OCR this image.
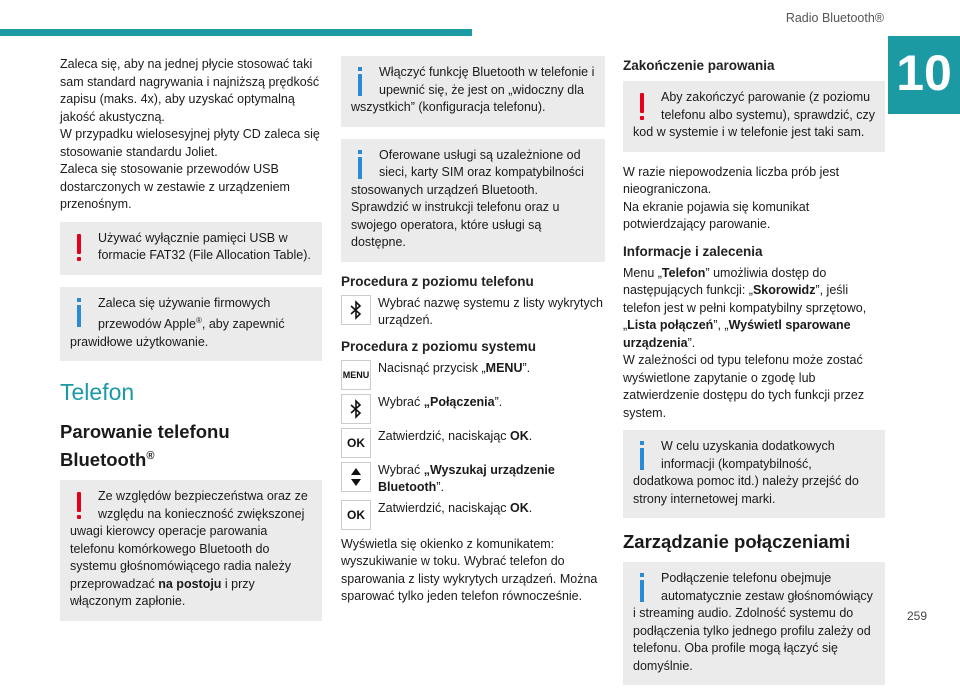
Radio Bluetooth®
10

Zaleca się, aby na jednej płycie stosować taki sam standard nagrywania i najniższą prędkość zapisu (maks. 4x), aby uzyskać optymalną jakość akustyczną.
W przypadku wielosesyjnej płyty CD zaleca się stosowanie standardu Joliet.
Zaleca się stosowanie przewodów USB dostarczonych w zestawie z urządzeniem przenośnym.

Używać wyłącznie pamięci USB w formacie FAT32 (File Allocation Table).
Zaleca się używanie firmowych przewodów Apple®, aby zapewnić prawidłowe użytkowanie.
Telefon
Parowanie telefonu Bluetooth®
Ze względów bezpieczeństwa oraz ze względu na konieczność zwiększonej uwagi kierowcy operacje parowania telefonu komórkowego Bluetooth do systemu głośnomówiącego radia należy przeprowadzać na postoju i przy włączonym zapłonie.
Włączyć funkcję Bluetooth w telefonie i upewnić się, że jest on „widoczny dla wszystkich” (konfiguracja telefonu).
Oferowane usługi są uzależnione od sieci, karty SIM oraz kompatybilności stosowanych urządzeń Bluetooth. Sprawdzić w instrukcji telefonu oraz u swojego operatora, które usługi są dostępne.
Procedura z poziomu telefonu
Wybrać nazwę systemu z listy wykrytych urządzeń.
Procedura z poziomu systemu
MENU Nacisnąć przycisk „MENU”.
Wybrać „Połączenia”.
OK	Zatwierdzić, naciskając OK.
Wybrać „Wyszukaj urządzenie Bluetooth”.
OK	Zatwierdzić, naciskając OK.

Wyświetla się okienko z komunikatem: wyszukiwanie w toku. Wybrać telefon do sparowania z listy wykrytych urządzeń. Można sparować tylko jeden telefon równocześnie.

Zakończenie parowania
Aby zakończyć parowanie (z poziomu telefonu albo systemu), sprawdzić, czy kod w systemie i w telefonie jest taki sam.

W razie niepowodzenia liczba prób jest nieograniczona.
Na ekranie pojawia się komunikat potwierdzający parowanie.

Informacje i zalecenia

Menu „Telefon” umożliwia dostęp do następujących funkcji: „Skorowidz”, jeśli telefon jest w pełni kompatybilny sprzętowo, „Lista połączeń”, „Wyświetl sparowane urządzenia”.
W zależności od typu telefonu może zostać wyświetlone zapytanie o zgodę lub zatwierdzenie dostępu do tych funkcji przez system.

W celu uzyskania dodatkowych informacji (kompatybilność, dodatkowa pomoc itd.) należy przejść do strony internetowej marki.
Zarządzanie połączeniami
Podłączenie telefonu obejmuje automatycznie zestaw głośnomówiący i streaming audio. Zdolność systemu do podłączenia tylko jednego profilu zależy od telefonu. Oba profile mogą łączyć się domyślnie.
259
